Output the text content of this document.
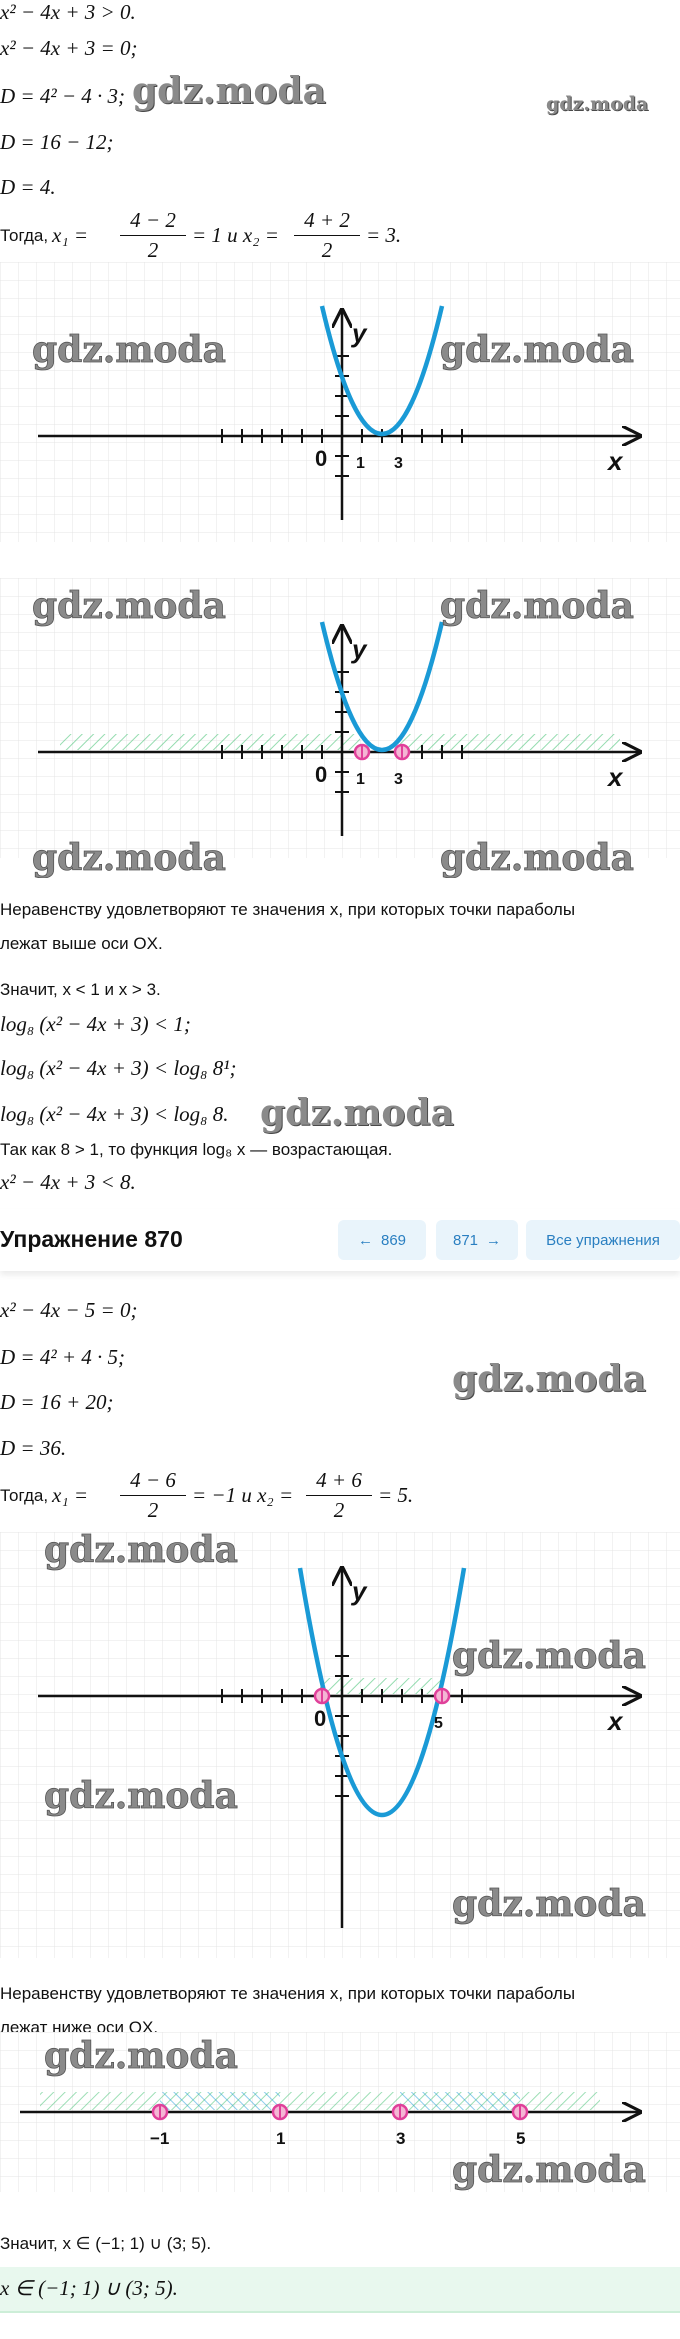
x² − 4x + 3 > 0.
x² − 4x + 3 = 0;
D = 4² − 4 · 3; gdz.moda	gdz.moda
D = 16 − 12;
D = 4.
Тогда, x₁ =
4 − 2
2
= 1 и x₂ =
4 + 2
2
= 3.
y
x
0 1 3
gdz.moda	gdz.moda
y
x
0 1 3
gdz.moda	gdz.moda
gdz.moda	gdz.moda
Неравенству удовлетворяют те значения x, при которых точки параболы
лежат выше оси OX.
Значит, x < 1 и x > 3.
log₈ (x² − 4x + 3) < 1;
log₈ (x² − 4x + 3) < log₈ 8¹;
log₈ (x² − 4x + 3) < log₈ 8. gdz.moda
Так как 8 > 1, то функция log₈ x — возрастающая.
x² − 4x + 3 < 8.
Упражнение 870	← 869	871 →	Все упражнения
x² − 4x − 5 = 0;
D = 4² + 4 · 5;
gdz.moda
D = 16 + 20;
D = 36.
Тогда, x₁ =
4 − 6
2
= −1 и x₂ =
4 + 6
2
= 5.
y
x
0	5
gdz.moda
gdz.moda
gdz.moda
gdz.moda
Неравенству удовлетворяют те значения x, при которых точки параболы
лежат ниже оси OX.
−1	1	3	5
gdz.moda
gdz.moda
Значит, x ∈ (−1; 1) ∪ (3; 5).
x ∈ (−1; 1) ∪ (3; 5).
